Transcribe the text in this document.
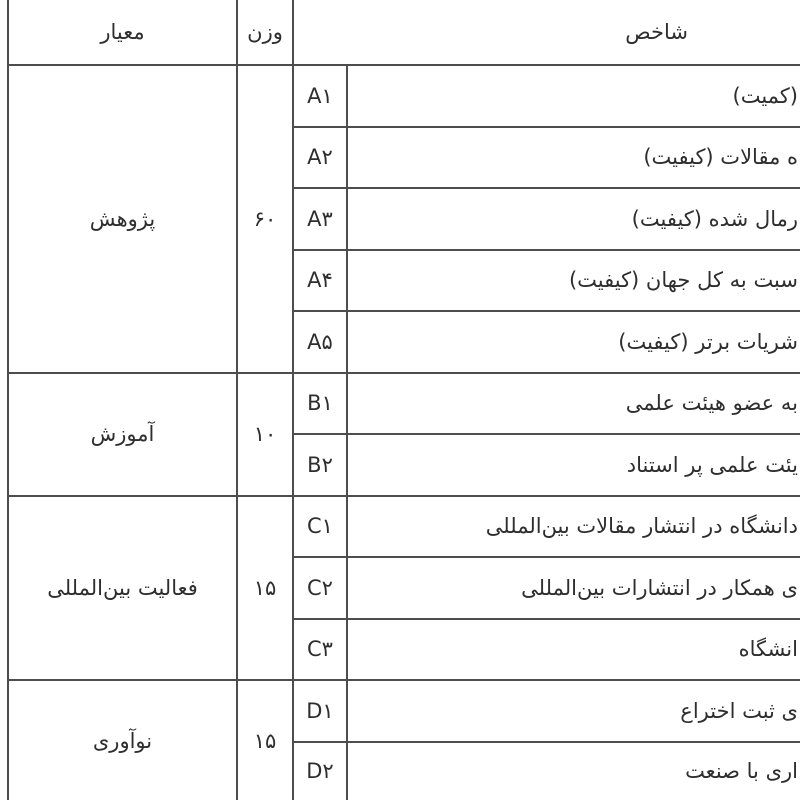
معیار	وزن	شاخص
پژوهش	۶۰
A۱	(کمیت)
A۲	ه مقالات (کیفیت)
A۳	رمال شده (کیفیت)
A۴	سبت به کل جهان (کیفیت)
A۵	شریات برتر (کیفیت)
آموزش	۱۰
B۱	به عضو هیئت علمی
B۲	یئت علمی پر استناد
فعالیت بین‌المللی	۱۵
C۱	دانشگاه در انتشار مقالات بین‌المللی
C۲	ی همکار در انتشارات بین‌المللی
C۳	انشگاه
نوآوری	۱۵
D۱	ی ثبت اختراع
D۲	اری با صنعت
